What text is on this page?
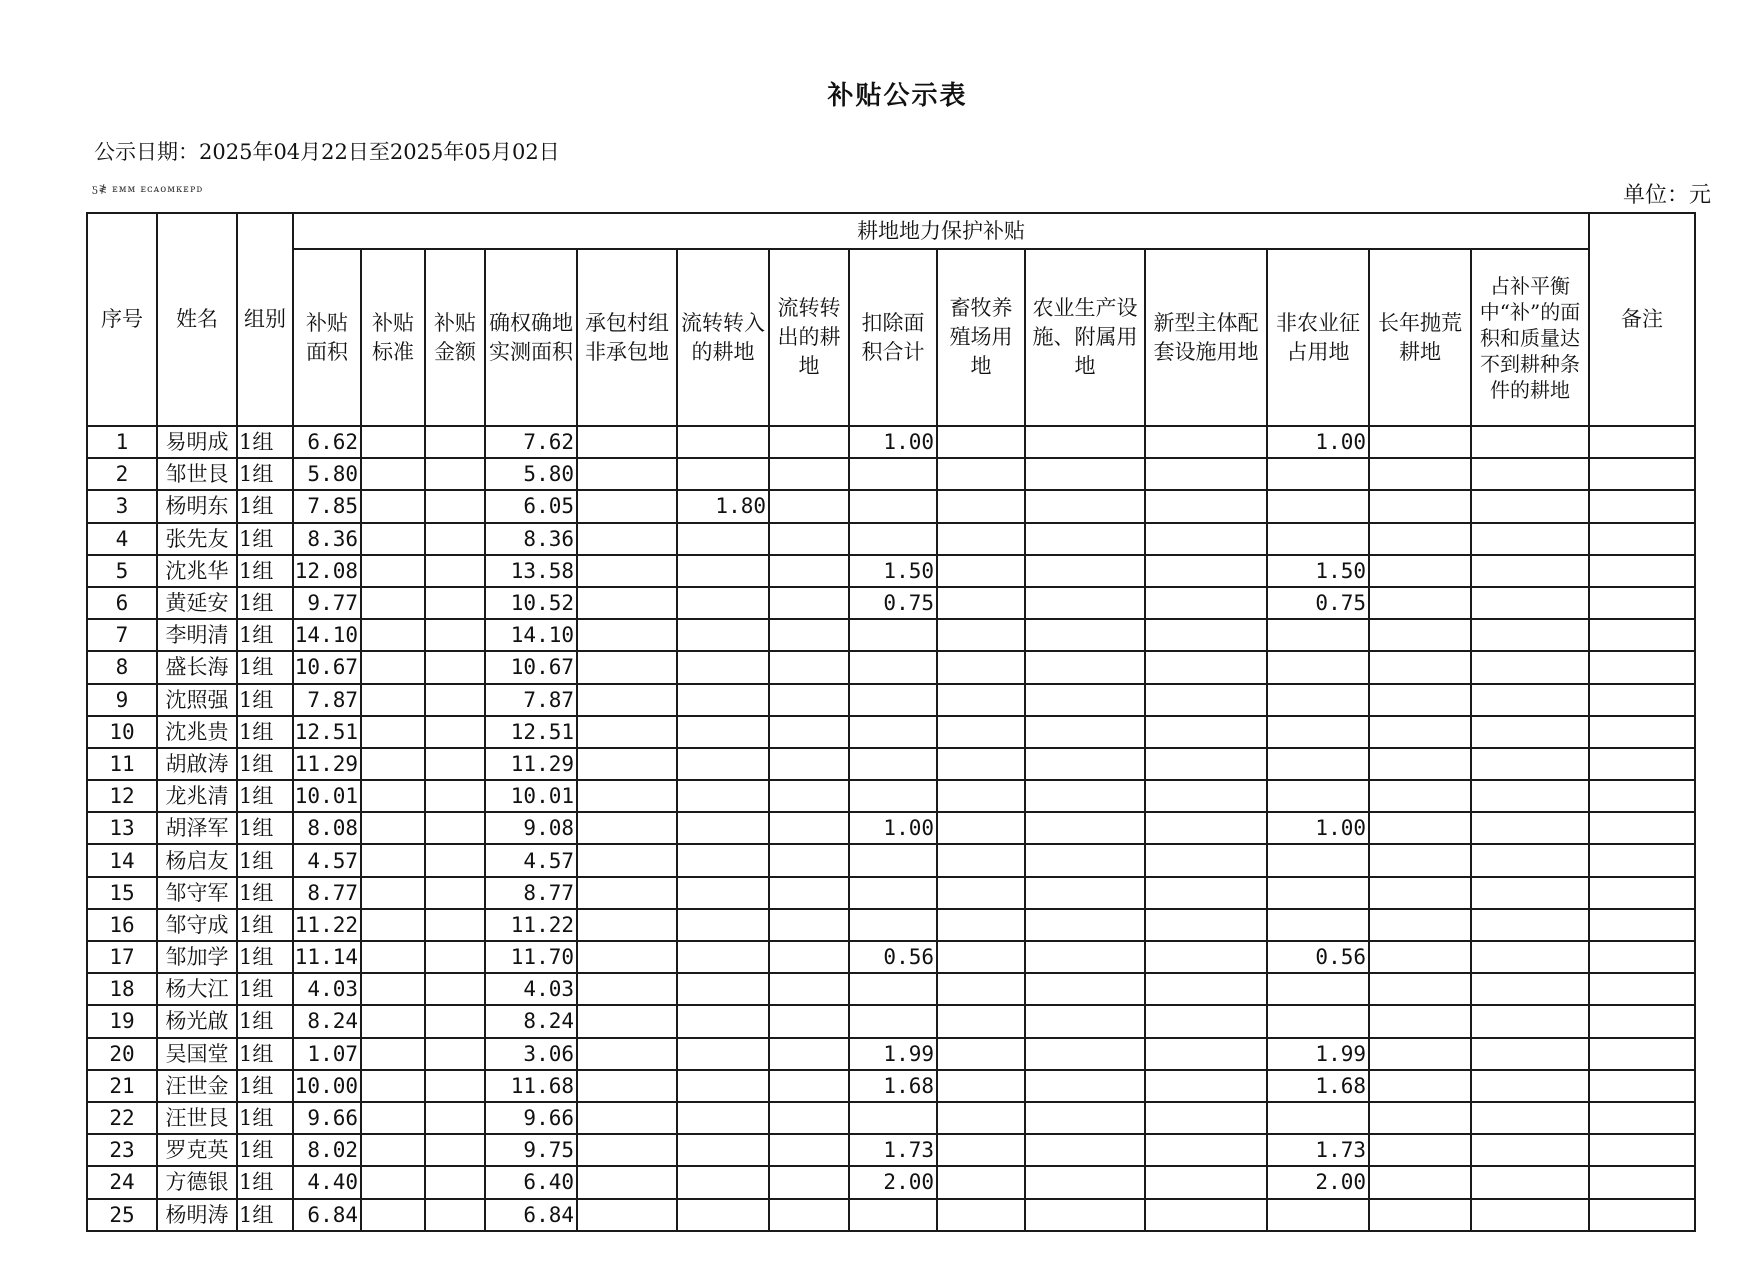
补贴公示表
公示日期：2025年04月22日至2025年05月02日
ƽ≹ ᴇᴍᴍ ᴇᴄᴀᴏᴍᴋᴇᴘᴅ	单位：元
序号	姓名	组别	耕地地力保护补贴														备注
			补贴面积	补贴标准	补贴金额	确权确地实测面积	承包村组非承包地	流转转入的耕地	流转转出的耕地	扣除面积合计	畜牧养殖场用地	农业生产设施、附属用地	新型主体配套设施用地	非农业征占用地	长年抛荒耕地	占补平衡中“补”的面积和质量达不到耕种条件的耕地	
1	易明成	1组	6.62			7.62				1.00				1.00			
2	邹世艮	1组	5.80			5.80											
3	杨明东	1组	7.85			6.05		1.80									
4	张先友	1组	8.36			8.36											
5	沈兆华	1组	12.08			13.58				1.50				1.50			
6	黄延安	1组	9.77			10.52				0.75				0.75			
7	李明清	1组	14.10			14.10											
8	盛长海	1组	10.67			10.67											
9	沈照强	1组	7.87			7.87											
10	沈兆贵	1组	12.51			12.51											
11	胡啟涛	1组	11.29			11.29											
12	龙兆清	1组	10.01			10.01											
13	胡泽军	1组	8.08			9.08				1.00				1.00			
14	杨启友	1组	4.57			4.57											
15	邹守军	1组	8.77			8.77											
16	邹守成	1组	11.22			11.22											
17	邹加学	1组	11.14			11.70				0.56				0.56			
18	杨大江	1组	4.03			4.03											
19	杨光啟	1组	8.24			8.24											
20	吴国堂	1组	1.07			3.06				1.99				1.99			
21	汪世金	1组	10.00			11.68				1.68				1.68			
22	汪世艮	1组	9.66			9.66											
23	罗克英	1组	8.02			9.75				1.73				1.73			
24	方德银	1组	4.40			6.40				2.00				2.00			
25	杨明涛	1组	6.84			6.84											
